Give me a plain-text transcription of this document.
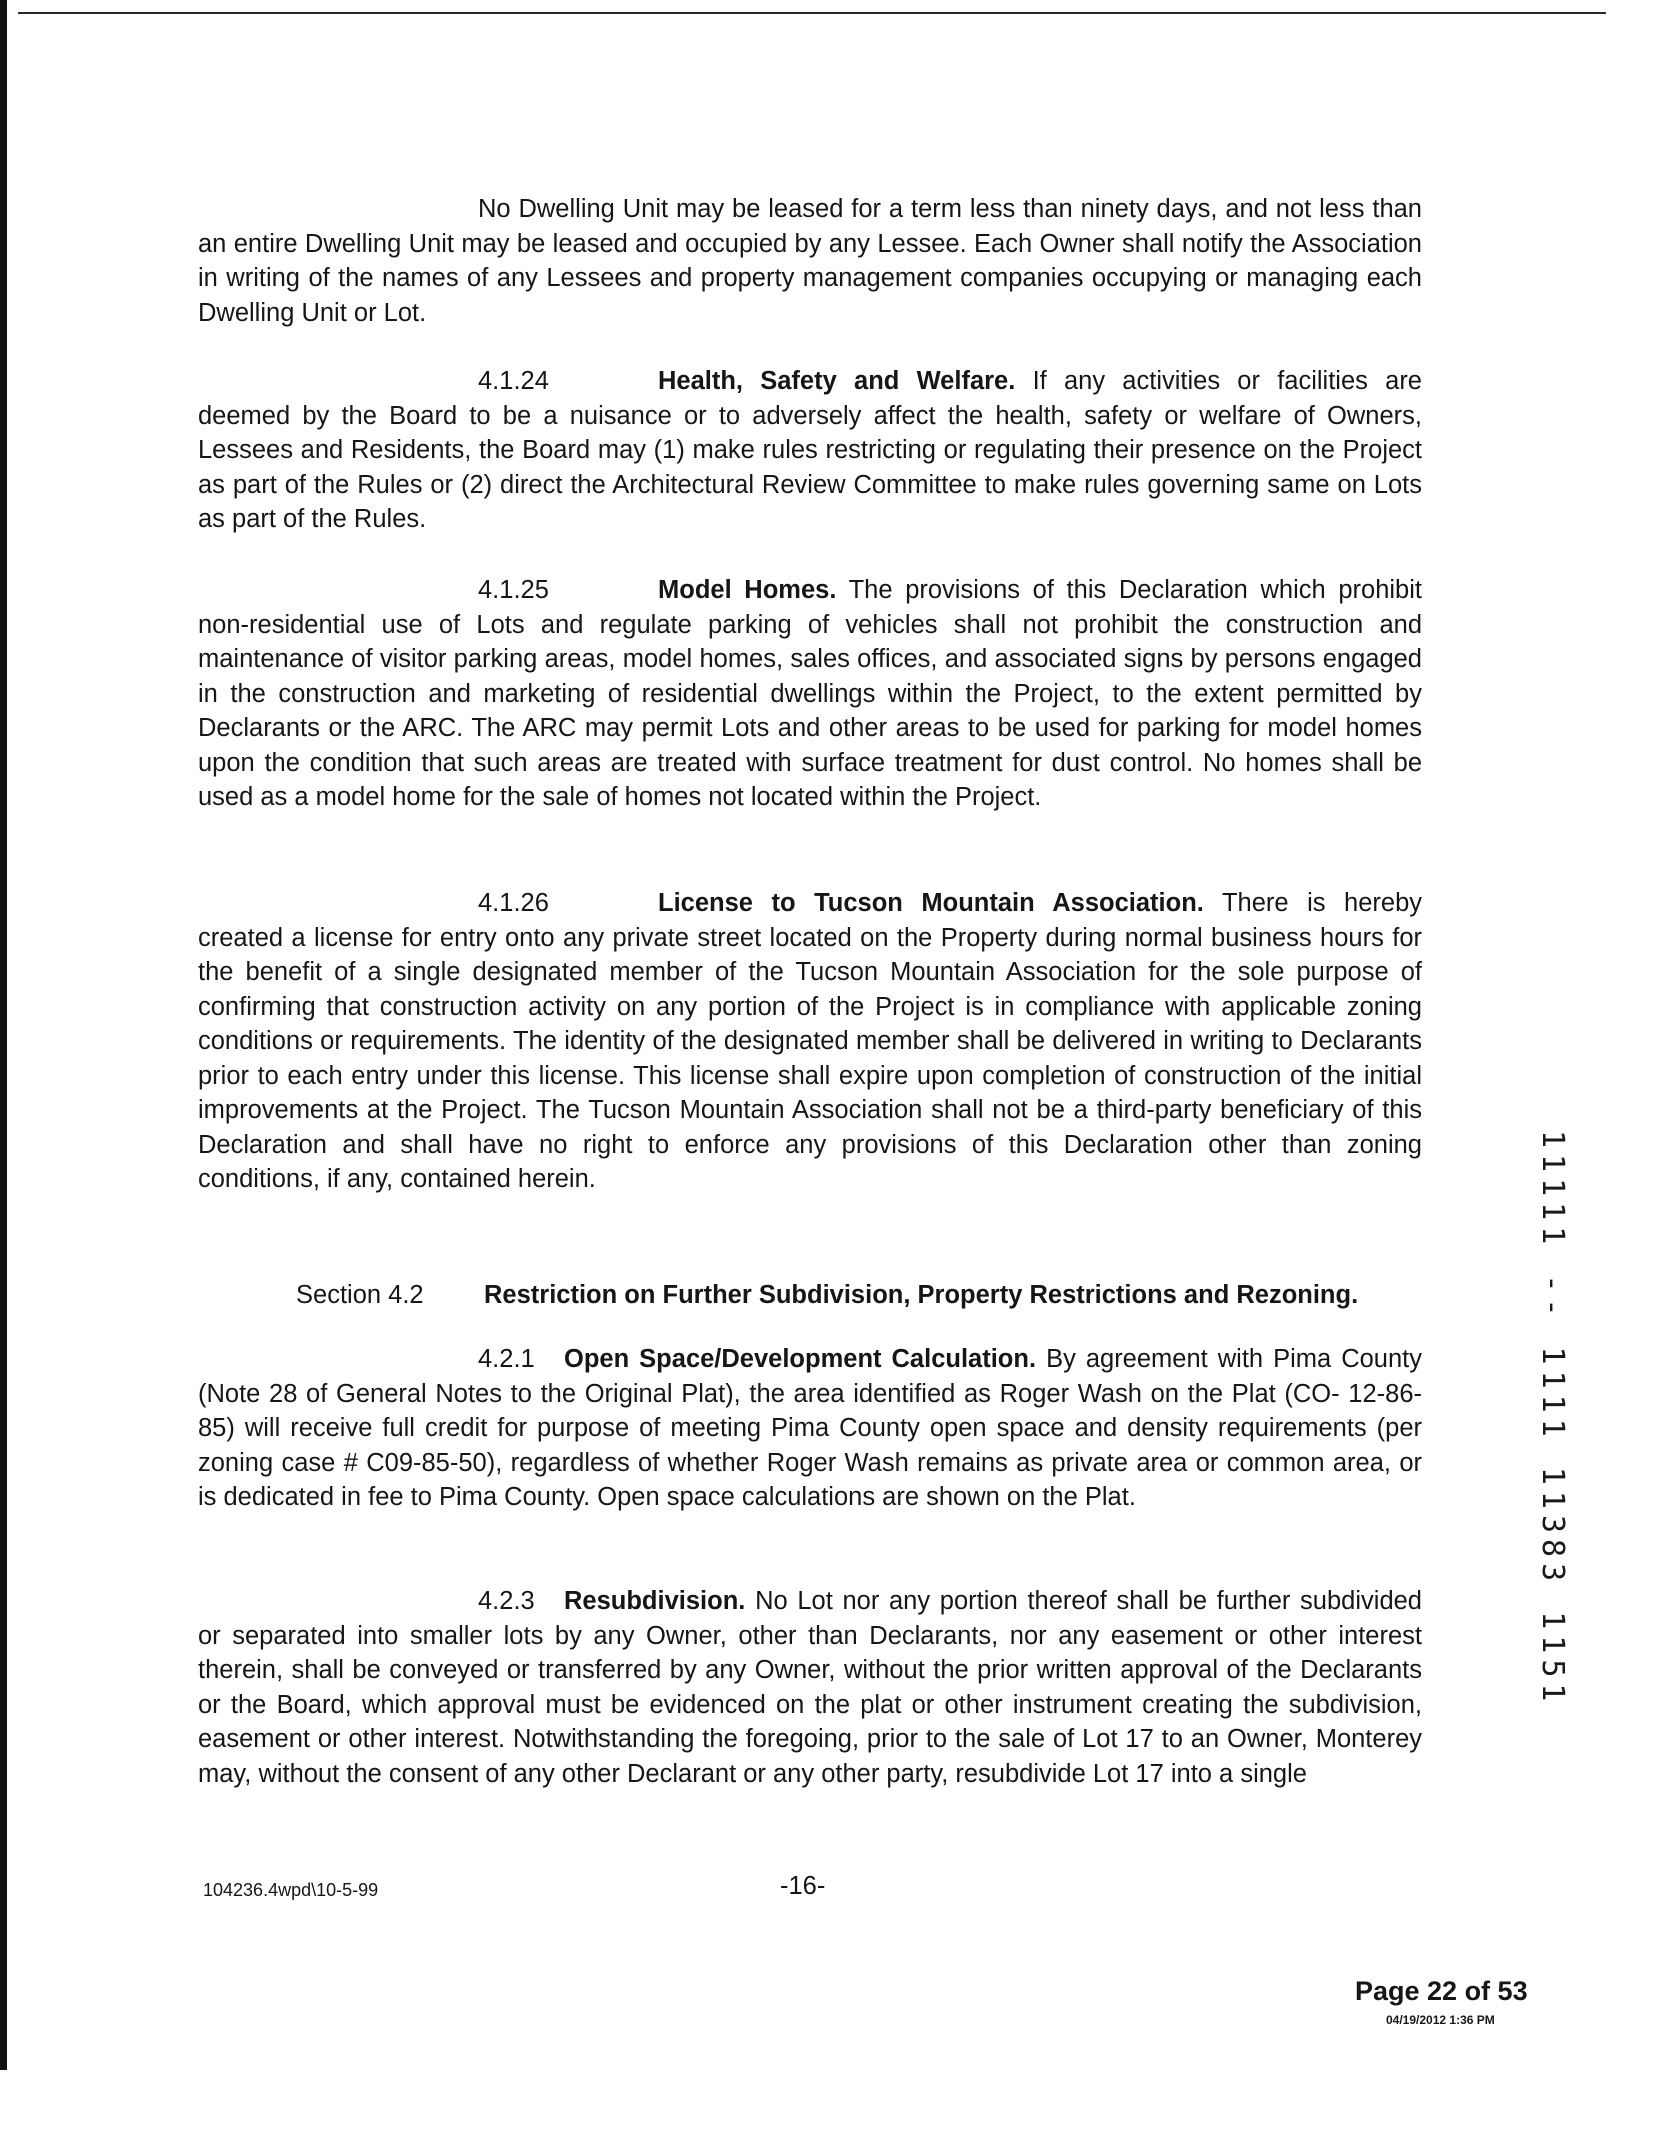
No Dwelling Unit may be leased for a term less than ninety days, and not less than an entire Dwelling Unit may be leased and occupied by any Lessee. Each Owner shall notify the Association in writing of the names of any Lessees and property management companies occupying or managing each Dwelling Unit or Lot.

4.1.24	Health, Safety and Welfare. If any activities or facilities are deemed by the Board to be a nuisance or to adversely affect the health, safety or welfare of Owners, Lessees and Residents, the Board may (1) make rules restricting or regulating their presence on the Project as part of the Rules or (2) direct the Architectural Review Committee to make rules governing same on Lots as part of the Rules.
4.1.25	Model Homes. The provisions of this Declaration which prohibit non-residential use of Lots and regulate parking of vehicles shall not prohibit the construction and maintenance of visitor parking areas, model homes, sales offices, and associated signs by persons engaged in the construction and marketing of residential dwellings within the Project, to the extent permitted by Declarants or the ARC. The ARC may permit Lots and other areas to be used for parking for model homes upon the condition that such areas are treated with surface treatment for dust control. No homes shall be used as a model home for the sale of homes not located within the Project.
4.1.26	License to Tucson Mountain Association. There is hereby created a license for entry onto any private street located on the Property during normal business hours for the benefit of a single designated member of the Tucson Mountain Association for the sole purpose of confirming that construction activity on any portion of the Project is in compliance with applicable zoning conditions or requirements. The identity of the designated member shall be delivered in writing to Declarants prior to each entry under this license. This license shall expire upon completion of construction of the initial improvements at the Project. The Tucson Mountain Association shall not be a third-party beneficiary of this Declaration and shall have no right to enforce any provisions of this Declaration other than zoning conditions, if any, contained herein.
Section 4.2 Restriction on Further Subdivision, Property Restrictions and Rezoning.
4.2.1 Open Space/Development Calculation. By agreement with Pima County (Note 28 of General Notes to the Original Plat), the area identified as Roger Wash on the Plat (CO- 12-86-85) will receive full credit for purpose of meeting Pima County open space and density requirements (per zoning case # C09-85-50), regardless of whether Roger Wash remains as private area or common area, or is dedicated in fee to Pima County. Open space calculations are shown on the Plat.
4.2.3 Resubdivision. No Lot nor any portion thereof shall be further subdivided or separated into smaller lots by any Owner, other than Declarants, nor any easement or other interest therein, shall be conveyed or transferred by any Owner, without the prior written approval of the Declarants or the Board, which approval must be evidenced on the plat or other instrument creating the subdivision, easement or other interest. Notwithstanding the foregoing, prior to the sale of Lot 17 to an Owner, Monterey may, without the consent of any other Declarant or any other party, resubdivide Lot 17 into a single
104236.4wpd\10-5-99	-16-
Page 22 of 53
04/19/2012 1:36 PM
11111 -- 1111 11383 1151
